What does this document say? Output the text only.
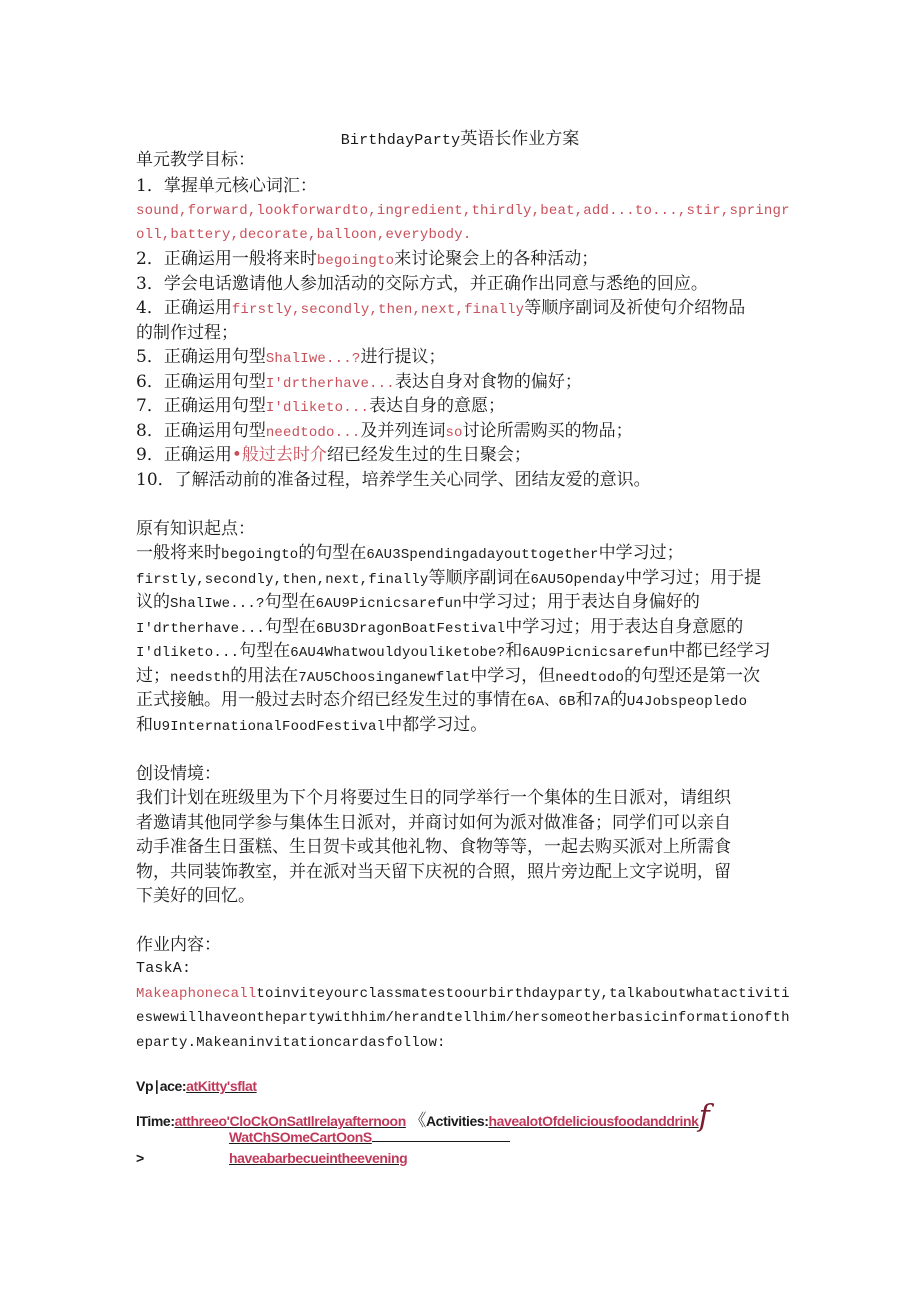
BirthdayParty英语长作业方案
单元教学目标：
1．掌握单元核心词汇：
sound,forward,lookforwardto,ingredient,thirdly,beat,add...to...,stir,springr
oll,battery,decorate,balloon,everybody.
2．正确运用一般将来时begoingto来讨论聚会上的各种活动；
3．学会电话邀请他人参加活动的交际方式，并正确作出同意与悉绝的回应。
4．正确运用firstly,secondly,then,next,finally等顺序副词及祈使句介绍物品
的制作过程；
5．正确运用句型ShalIwe...?进行提议；
6．正确运用句型I'drtherhave...表达自身对食物的偏好；
7．正确运用句型I'dliketo...表达自身的意愿；
8．正确运用句型needtodo...及并列连词so讨论所需购买的物品；
9．正确运用•般过去时介绍已经发生过的生日聚会；
10．了解活动前的准备过程，培养学生关心同学、团结友爱的意识。
原有知识起点：
一般将来时begoingto的句型在6AU3Spendingadayouttogether中学习过；
firstly,secondly,then,next,finally等顺序副词在6AU5Openday中学习过；用于提
议的ShalIwe...?句型在6AU9Picnicsarefun中学习过；用于表达自身偏好的
I'drtherhave...句型在6BU3DragonBoatFestival中学习过；用于表达自身意愿的
I'dliketo...句型在6AU4Whatwouldyouliketobe?和6AU9Picnicsarefun中都已经学习
过；needsth的用法在7AU5Choosinganewflat中学习，但needtodo的句型还是第一次
正式接触。用一般过去时态介绍已经发生过的事情在6A、6B和7A的U4Jobspeopledo
和U9InternationalFoodFestival中都学习过。
创设情境：
我们计划在班级里为下个月将要过生日的同学举行一个集体的生日派对，请组织
者邀请其他同学参与集体生日派对，并商讨如何为派对做准备；同学们可以亲自
动手准备生日蛋糕、生日贺卡或其他礼物、食物等等，一起去购买派对上所需食
物，共同装饰教室，并在派对当天留下庆祝的合照，照片旁边配上文字说明，留
下美好的回忆。
作业内容：
TaskA:
Makeaphonecalltoinviteyourclassmatestoourbirthdayparty,talkaboutwhatactiviti
eswewillhaveonthepartywithhim/herandtellhim/hersomeotherbasicinformationofth
eparty.Makeaninvitationcardasfollow:
Vp∣ace:atKitty'sflat
lTime:atthreeo'CloCkOnSatIlrelayafternoon 《Activities:havealotOfdeliciousfoodanddrinkf
WatChSOmeCartOonS
>	haveabarbecueintheevening
